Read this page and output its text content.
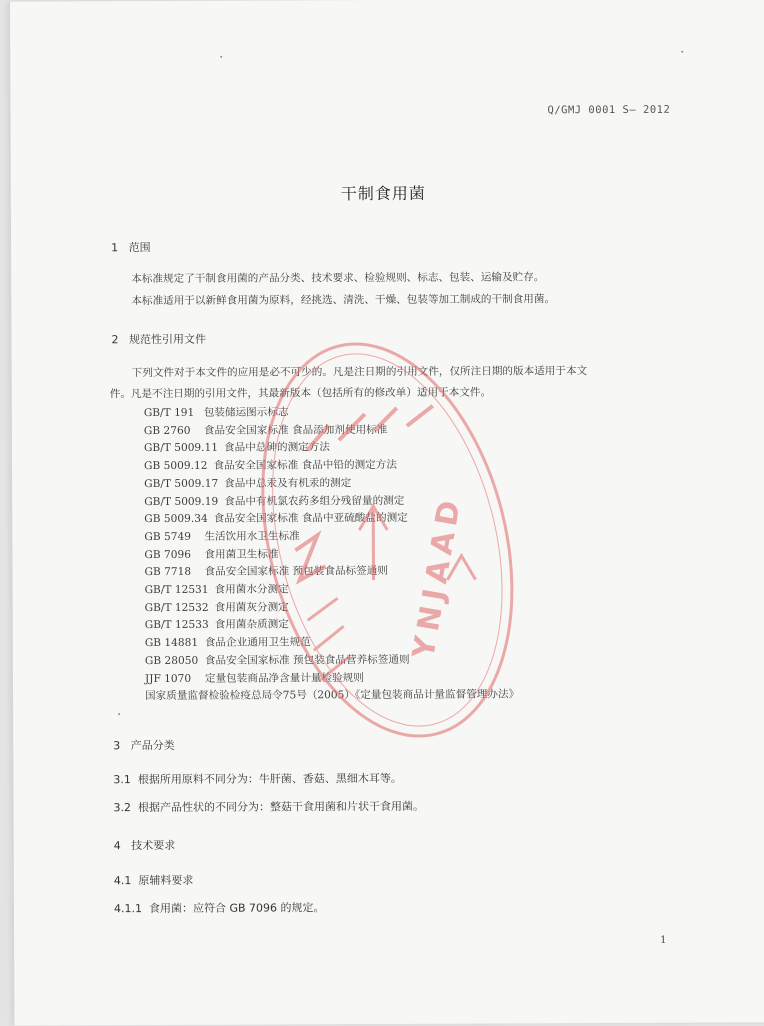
Q/GMJ 0001 S— 2012
干制食用菌
1 范围
本标准规定了干制食用菌的产品分类、技术要求、检验规则、标志、包装、运输及贮存。
本标准适用于以新鲜食用菌为原料，经挑选、清洗、干燥、包装等加工制成的干制食用菌。
2 规范性引用文件
下列文件对于本文件的应用是必不可少的。凡是注日期的引用文件，仅所注日期的版本适用于本文
件。凡是不注日期的引用文件，其最新版本（包括所有的修改单）适用于本文件。
GB/T 191 包装储运图示标志
GB 2760 食品安全国家标准 食品添加剂使用标准
GB/T 5009.11 食品中总砷的测定方法
GB 5009.12 食品安全国家标准 食品中铅的测定方法
GB/T 5009.17 食品中总汞及有机汞的测定
GB/T 5009.19 食品中有机氯农药多组分残留量的测定
GB 5009.34 食品安全国家标准 食品中亚硫酸盐的测定
GB 5749 生活饮用水卫生标准
GB 7096 食用菌卫生标准
GB 7718 食品安全国家标准 预包装食品标签通则
GB/T 12531 食用菌水分测定
GB/T 12532 食用菌灰分测定
GB/T 12533 食用菌杂质测定
GB 14881 食品企业通用卫生规范
GB 28050 食品安全国家标准 预包装食品营养标签通则
JJF 1070 定量包装商品净含量计量检验规则
国家质量监督检验检疫总局令75号（2005）《定量包装商品计量监督管理办法》
3 产品分类
3.1 根据所用原料不同分为：牛肝菌、香菇、黑细木耳等。
3.2 根据产品性状的不同分为：整菇干食用菌和片状干食用菌。
4 技术要求
4.1 原辅料要求
4.1.1 食用菌：应符合 GB 7096 的规定。
1
YNJAAD
